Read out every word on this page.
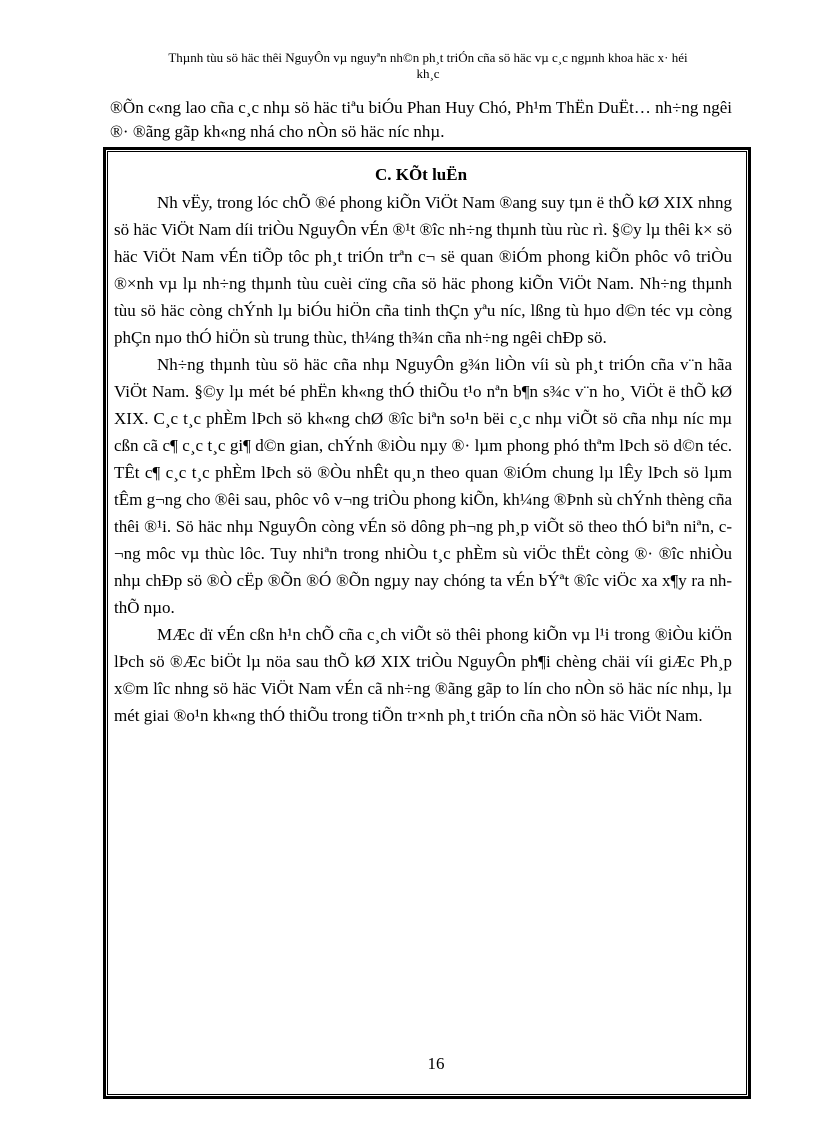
Thµnh tùu sö häc thêi NguyÔn vµ nguyªn nh©n ph¸t triÓn cña sö häc vµ c¸c ngµnh khoa häc x· héi
kh¸c
®Õn c«ng lao cña c¸c nhµ sö häc tiªu biÓu Phan Huy Chó, Ph¹m ThËn DuËt… nh÷ng ngêi ®· ®ãng gãp kh«ng nhá cho nÒn sö häc níc nhµ.
C. KÕt luËn

Nh vËy, trong lóc chÕ ®é phong kiÕn ViÖt Nam ®ang suy tµn ë thÕ kØ XIX nhng sö häc ViÖt Nam díi triÒu NguyÔn vÉn ®¹t ®îc nh÷ng thµnh tùu rùc rì. §©y lµ thêi k× sö häc ViÖt Nam vÉn tiÕp tôc ph¸t triÓn trªn c¬ së quan ®iÓm phong kiÕn phôc vô triÒu ®×nh vµ lµ nh÷ng thµnh tùu cuèi cïng cña sö häc phong kiÕn ViÖt Nam. Nh÷ng thµnh tùu sö häc còng chÝnh lµ biÓu hiÖn cña tinh thÇn yªu níc, lßng tù hµo d©n téc vµ còng phÇn nµo thÓ hiÖn sù trung thùc, th¼ng th¾n cña nh÷ng ngêi chÐp sö.

Nh÷ng thµnh tùu sö häc cña nhµ NguyÔn g¾n liÒn víi sù ph¸t triÓn cña v¨n hãa ViÖt Nam. §©y lµ mét bé phËn kh«ng thÓ thiÕu t¹o nªn b¶n s¾c v¨n ho¸ ViÖt ë thÕ kØ XIX. C¸c t¸c phÈm lÞch sö kh«ng chØ ®îc biªn so¹n bëi c¸c nhµ viÕt sö cña nhµ níc mµ cßn cã c¶ c¸c t¸c gi¶ d©n gian, chÝnh ®iÒu nµy ®· lµm phong phó thªm lÞch sö d©n téc. TÊt c¶ c¸c t¸c phÈm lÞch sö ®Òu nhÊt qu¸n theo quan ®iÓm chung lµ lÊy lÞch sö lµm tÊm g¬ng cho ®êi sau, phôc vô v¬ng triÒu phong kiÕn, kh¼ng ®Þnh sù chÝnh thèng cña thêi ®¹i. Sö häc nhµ NguyÔn còng vÉn sö dông ph¬ng ph¸p viÕt sö theo thÓ biªn niªn, c¬ng môc vµ thùc lôc. Tuy nhiªn trong nhiÒu t¸c phÈm sù viÖc thËt còng ®· ®îc nhiÒu nhµ chÐp sö ®Ò cËp ®Õn ®Ó ®Õn ngµy nay chóng ta vÉn bÝªt ®îc viÖc xa x¶y ra nh thÕ nµo.

MÆc dï vÉn cßn h¹n chÕ cña c¸ch viÕt sö thêi phong kiÕn vµ l¹i trong ®iÒu kiÖn lÞch sö ®Æc biÖt lµ nöa sau thÕ kØ XIX triÒu NguyÔn ph¶i chèng chäi víi giÆc Ph¸p x©m lîc nhng sö häc ViÖt Nam vÉn cã nh÷ng ®ãng gãp to lín cho nÒn sö häc níc nhµ, lµ mét giai ®o¹n kh«ng thÓ thiÕu trong tiÕn tr×nh ph¸t triÓn cña nÒn sö häc ViÖt Nam.

16
